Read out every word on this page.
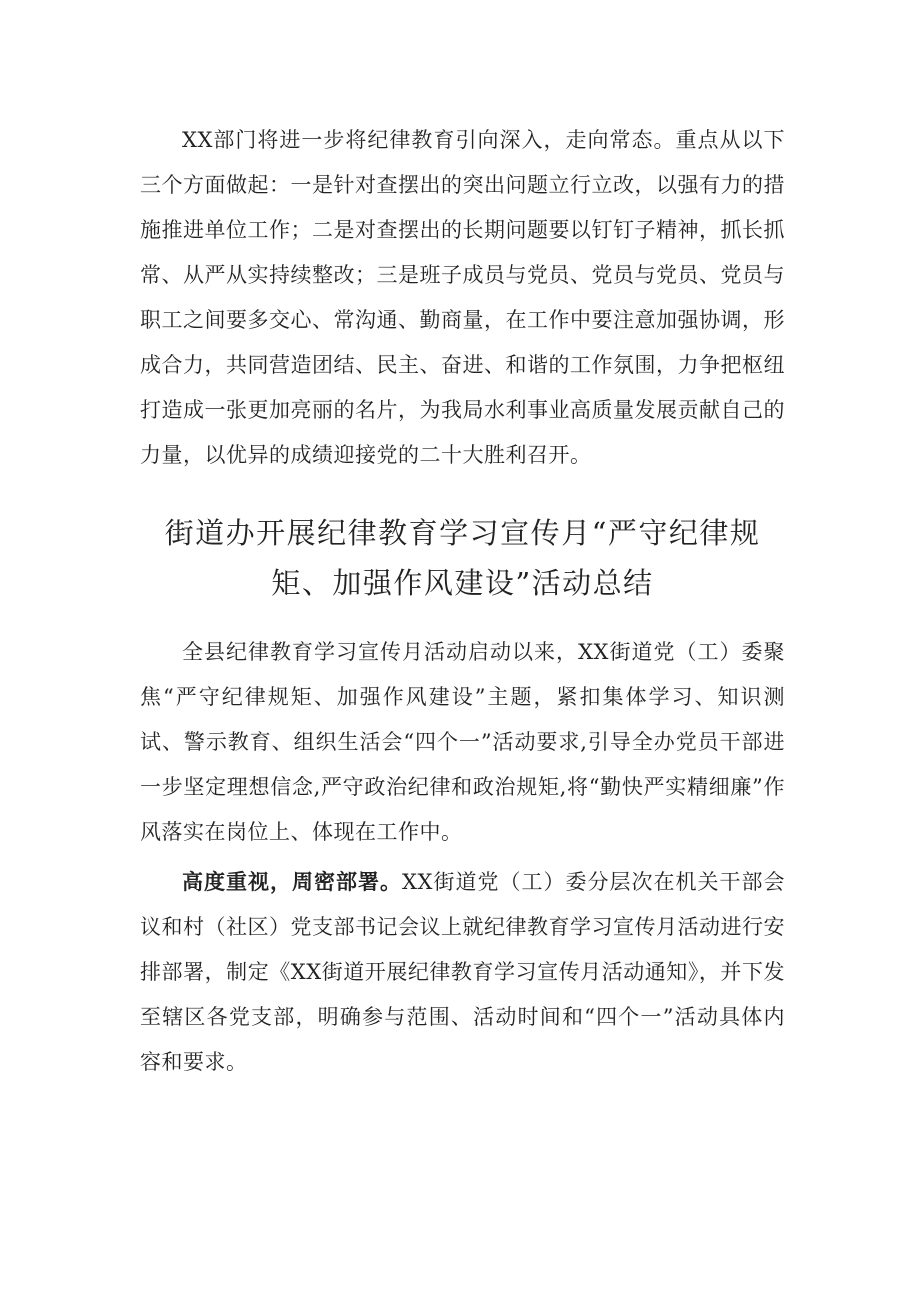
XX部门将进一步将纪律教育引向深入，走向常态。重点从以下三个方面做起：一是针对查摆出的突出问题立行立改，以强有力的措施推进单位工作；二是对查摆出的长期问题要以钉钉子精神，抓长抓常、从严从实持续整改；三是班子成员与党员、党员与党员、党员与职工之间要多交心、常沟通、勤商量，在工作中要注意加强协调，形成合力，共同营造团结、民主、奋进、和谐的工作氛围，力争把枢纽打造成一张更加亮丽的名片，为我局水利事业高质量发展贡献自己的力量，以优异的成绩迎接党的二十大胜利召开。

街道办开展纪律教育学习宣传月“严守纪律规矩、加强作风建设”活动总结

全县纪律教育学习宣传月活动启动以来，XX街道党（工）委聚焦“严守纪律规矩、加强作风建设”主题，紧扣集体学习、知识测试、警示教育、组织生活会“四个一”活动要求,引导全办党员干部进一步坚定理想信念,严守政治纪律和政治规矩,将“勤快严实精细廉”作风落实在岗位上、体现在工作中。

高度重视，周密部署。XX街道党（工）委分层次在机关干部会议和村（社区）党支部书记会议上就纪律教育学习宣传月活动进行安排部署，制定《XX街道开展纪律教育学习宣传月活动通知》，并下发至辖区各党支部，明确参与范围、活动时间和“四个一”活动具体内容和要求。
